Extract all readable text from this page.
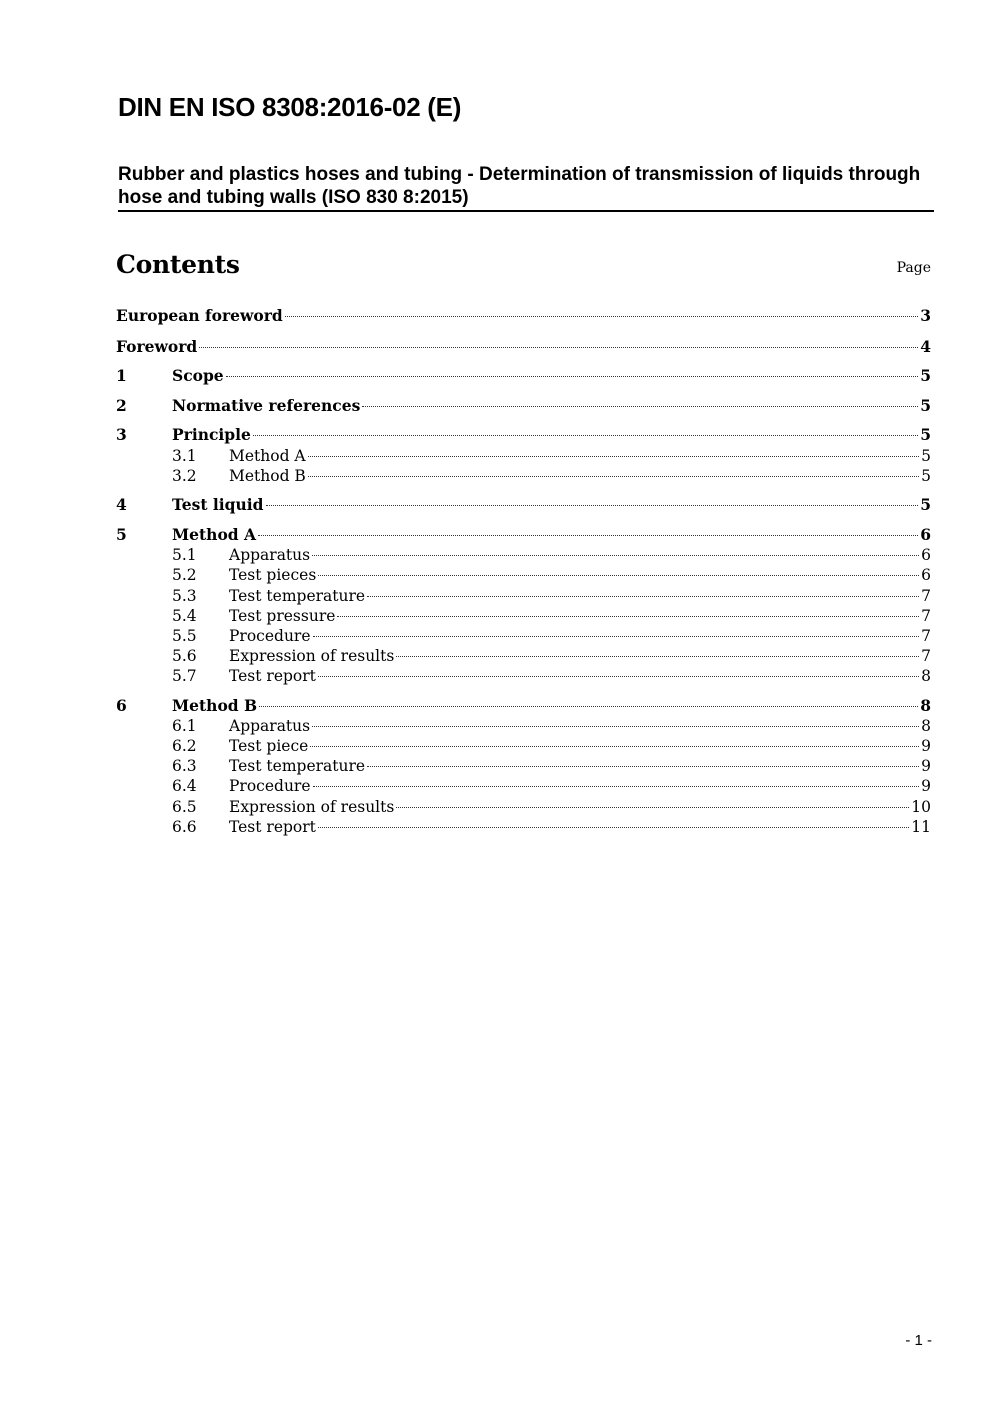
DIN EN ISO 8308:2016-02 (E)
Rubber and plastics hoses and tubing - Determination of transmission of liquids through hose and tubing walls (ISO 830 8:2015)
Contents	Page
European foreword	3
Foreword	4
1	Scope	5
2	Normative references	5
3	Principle	5
3.1	Method A	5
3.2	Method B	5
4	Test liquid	5
5	Method A	6
5.1	Apparatus	6
5.2	Test pieces	6
5.3	Test temperature	7
5.4	Test pressure	7
5.5	Procedure	7
5.6	Expression of results	7
5.7	Test report	8
6	Method B	8
6.1	Apparatus	8
6.2	Test piece	9
6.3	Test temperature	9
6.4	Procedure	9
6.5	Expression of results	10
6.6	Test report	11
- 1 -
